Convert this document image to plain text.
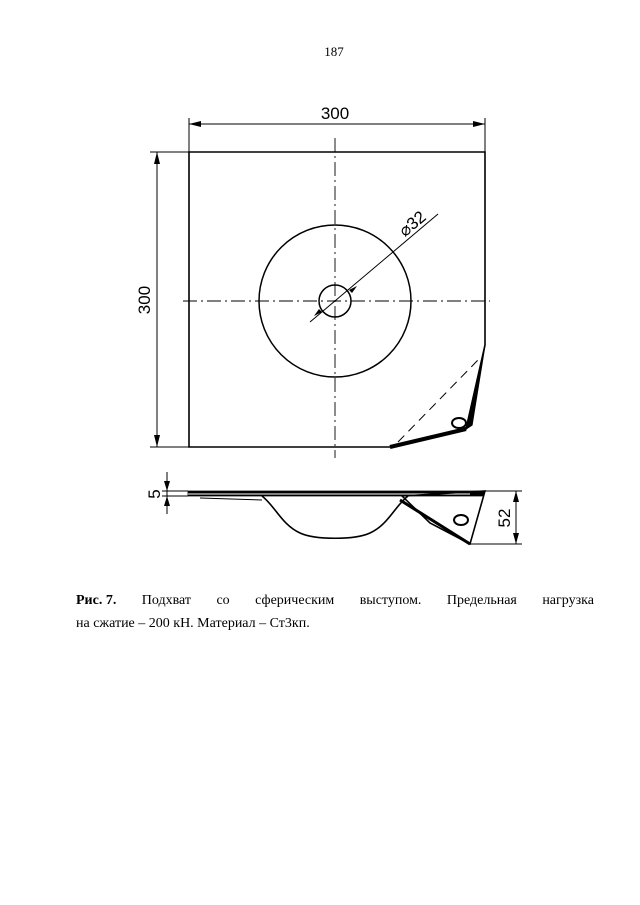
187
300
300
⌀32
5
52
Рис. 7. Подхват со сферическим выступом. Предельная нагрузка
на сжатие – 200 кН. Материал – Ст3кп.
